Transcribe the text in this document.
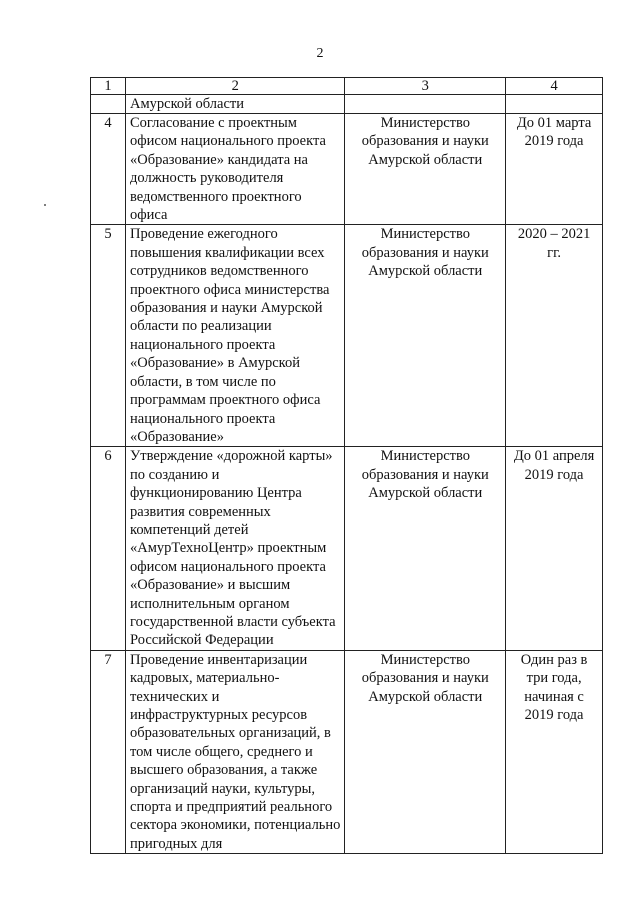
2
1	2	3	4
	Амурской области		
4	Согласование с проектным офисом национального проекта «Образование» кандидата на должность руководителя ведомственного проектного офиса	Министерство образования и науки Амурской области	До 01 марта 2019 года
5	Проведение ежегодного повышения квалификации всех сотрудников ведомственного проектного офиса министерства образования и науки Амурской области по реализации национального проекта «Образование» в Амурской области, в том числе по программам проектного офиса национального проекта «Образование»	Министерство образования и науки Амурской области	2020 – 2021 гг.
6	Утверждение «дорожной карты» по созданию и функционированию Центра развития современных компетенций детей «АмурТехноЦентр» проектным офисом национального проекта «Образование» и высшим исполнительным органом государственной власти субъекта Российской Федерации	Министерство образования и науки Амурской области	До 01 апреля 2019 года
7	Проведение инвентаризации кадровых, материально-технических и инфраструктурных ресурсов образовательных организаций, в том числе общего, среднего и высшего образования, а также организаций науки, культуры, спорта и предприятий реального сектора экономики, потенциально пригодных для	Министерство образования и науки Амурской области	Один раз в три года, начиная с 2019 года
